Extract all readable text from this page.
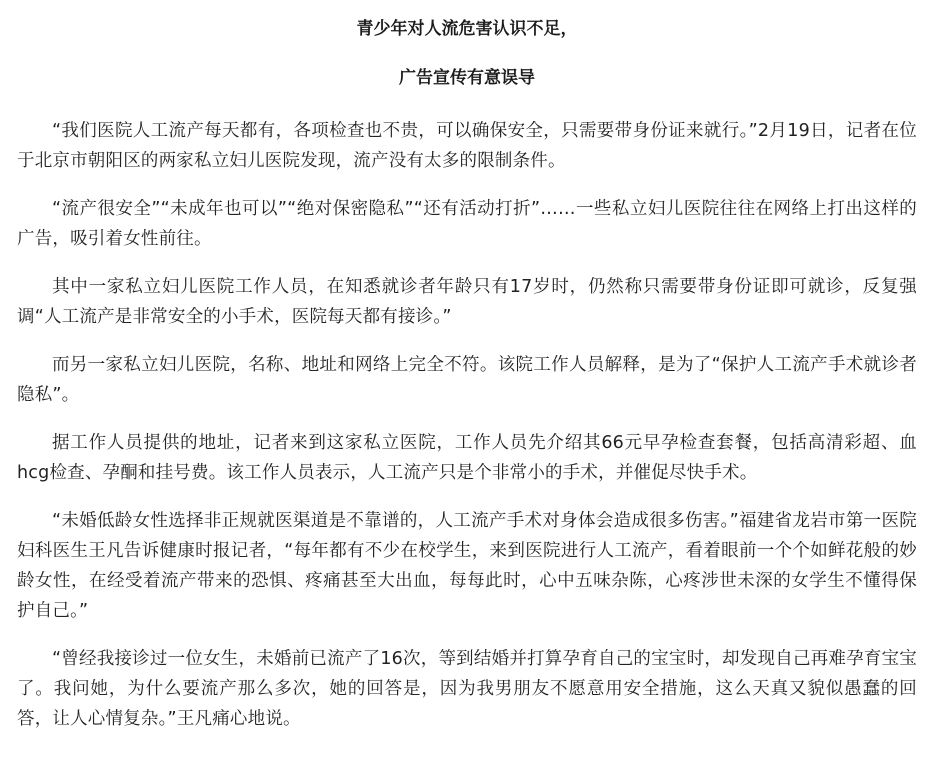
青少年对人流危害认识不足，
广告宣传有意误导

“我们医院人工流产每天都有，各项检查也不贵，可以确保安全，只需要带身份证来就行。”2月19日，记者在位于北京市朝阳区的两家私立妇儿医院发现，流产没有太多的限制条件。

“流产很安全”“未成年也可以”“绝对保密隐私”“还有活动打折”……一些私立妇儿医院往往在网络上打出这样的广告，吸引着女性前往。

其中一家私立妇儿医院工作人员，在知悉就诊者年龄只有17岁时，仍然称只需要带身份证即可就诊，反复强调“人工流产是非常安全的小手术，医院每天都有接诊。”

而另一家私立妇儿医院，名称、地址和网络上完全不符。该院工作人员解释，是为了“保护人工流产手术就诊者隐私”。

据工作人员提供的地址，记者来到这家私立医院，工作人员先介绍其66元早孕检查套餐，包括高清彩超、血hcg检查、孕酮和挂号费。该工作人员表示，人工流产只是个非常小的手术，并催促尽快手术。

“未婚低龄女性选择非正规就医渠道是不靠谱的，人工流产手术对身体会造成很多伤害。”福建省龙岩市第一医院妇科医生王凡告诉健康时报记者，“每年都有不少在校学生，来到医院进行人工流产，看着眼前一个个如鲜花般的妙龄女性，在经受着流产带来的恐惧、疼痛甚至大出血，每每此时，心中五味杂陈，心疼涉世未深的女学生不懂得保护自己。”

“曾经我接诊过一位女生，未婚前已流产了16次，等到结婚并打算孕育自己的宝宝时，却发现自己再难孕育宝宝了。我问她，为什么要流产那么多次，她的回答是，因为我男朋友不愿意用安全措施，这么天真又貌似愚蠢的回答，让人心情复杂。”王凡痛心地说。
